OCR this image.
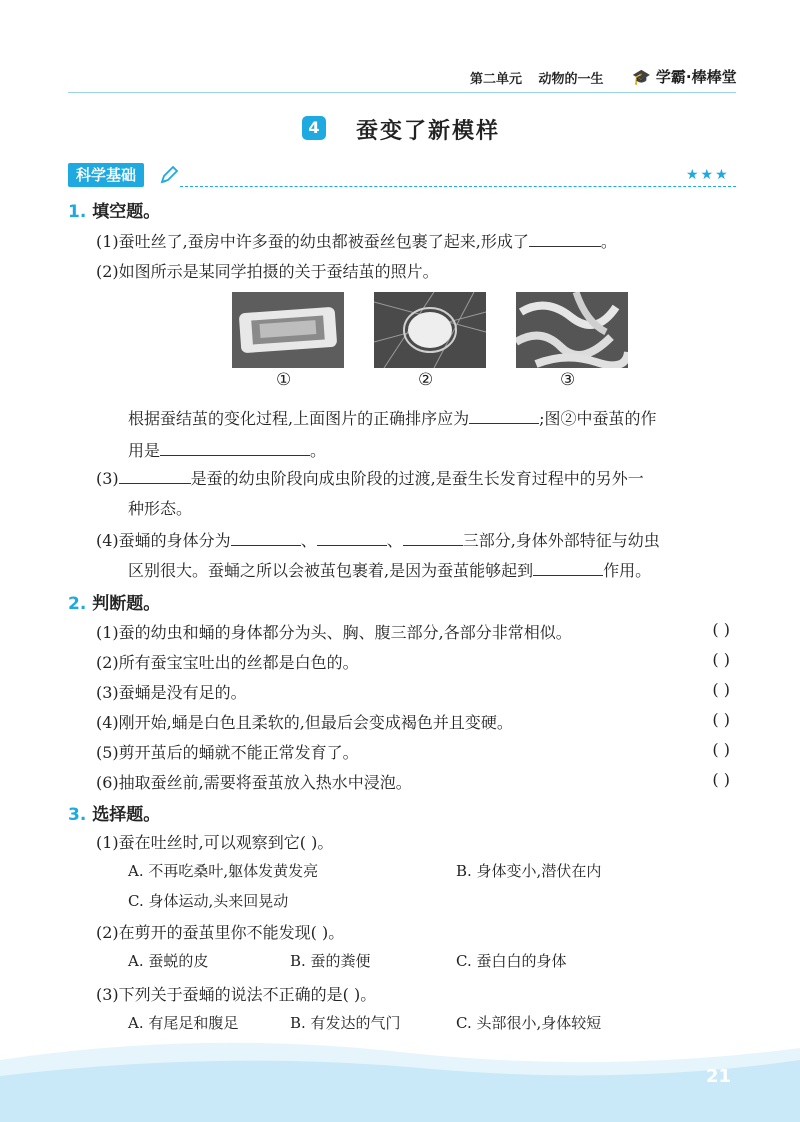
第二单元 动物的一生 🎓 学霸·棒棒堂
4 蚕变了新模样
科学基础	★★★
1. 填空题。
(1)蚕吐丝了,蚕房中许多蚕的幼虫都被蚕丝包裹了起来,形成了	。
(2)如图所示是某同学拍摄的关于蚕结茧的照片。
①	②	③
根据蚕结茧的变化过程,上面图片的正确排序应为	;图②中蚕茧的作
用是	。
(3)	是蚕的幼虫阶段向成虫阶段的过渡,是蚕生长发育过程中的另外一
种形态。
(4)蚕蛹的身体分为	、	、	三部分,身体外部特征与幼虫
区别很大。蚕蛹之所以会被茧包裹着,是因为蚕茧能够起到	作用。
2. 判断题。
(1)蚕的幼虫和蛹的身体都分为头、胸、腹三部分,各部分非常相似。	( )
(2)所有蚕宝宝吐出的丝都是白色的。	( )
(3)蚕蛹是没有足的。	( )
(4)刚开始,蛹是白色且柔软的,但最后会变成褐色并且变硬。	( )
(5)剪开茧后的蛹就不能正常发育了。	( )
(6)抽取蚕丝前,需要将蚕茧放入热水中浸泡。	( )
3. 选择题。
(1)蚕在吐丝时,可以观察到它( )。
A. 不再吃桑叶,躯体发黄发亮	B. 身体变小,潜伏在内
C. 身体运动,头来回晃动
(2)在剪开的蚕茧里你不能发现( )。
A. 蚕蜕的皮	B. 蚕的粪便	C. 蚕白白的身体
(3)下列关于蚕蛹的说法不正确的是( )。
A. 有尾足和腹足	B. 有发达的气门	C. 头部很小,身体较短
21
